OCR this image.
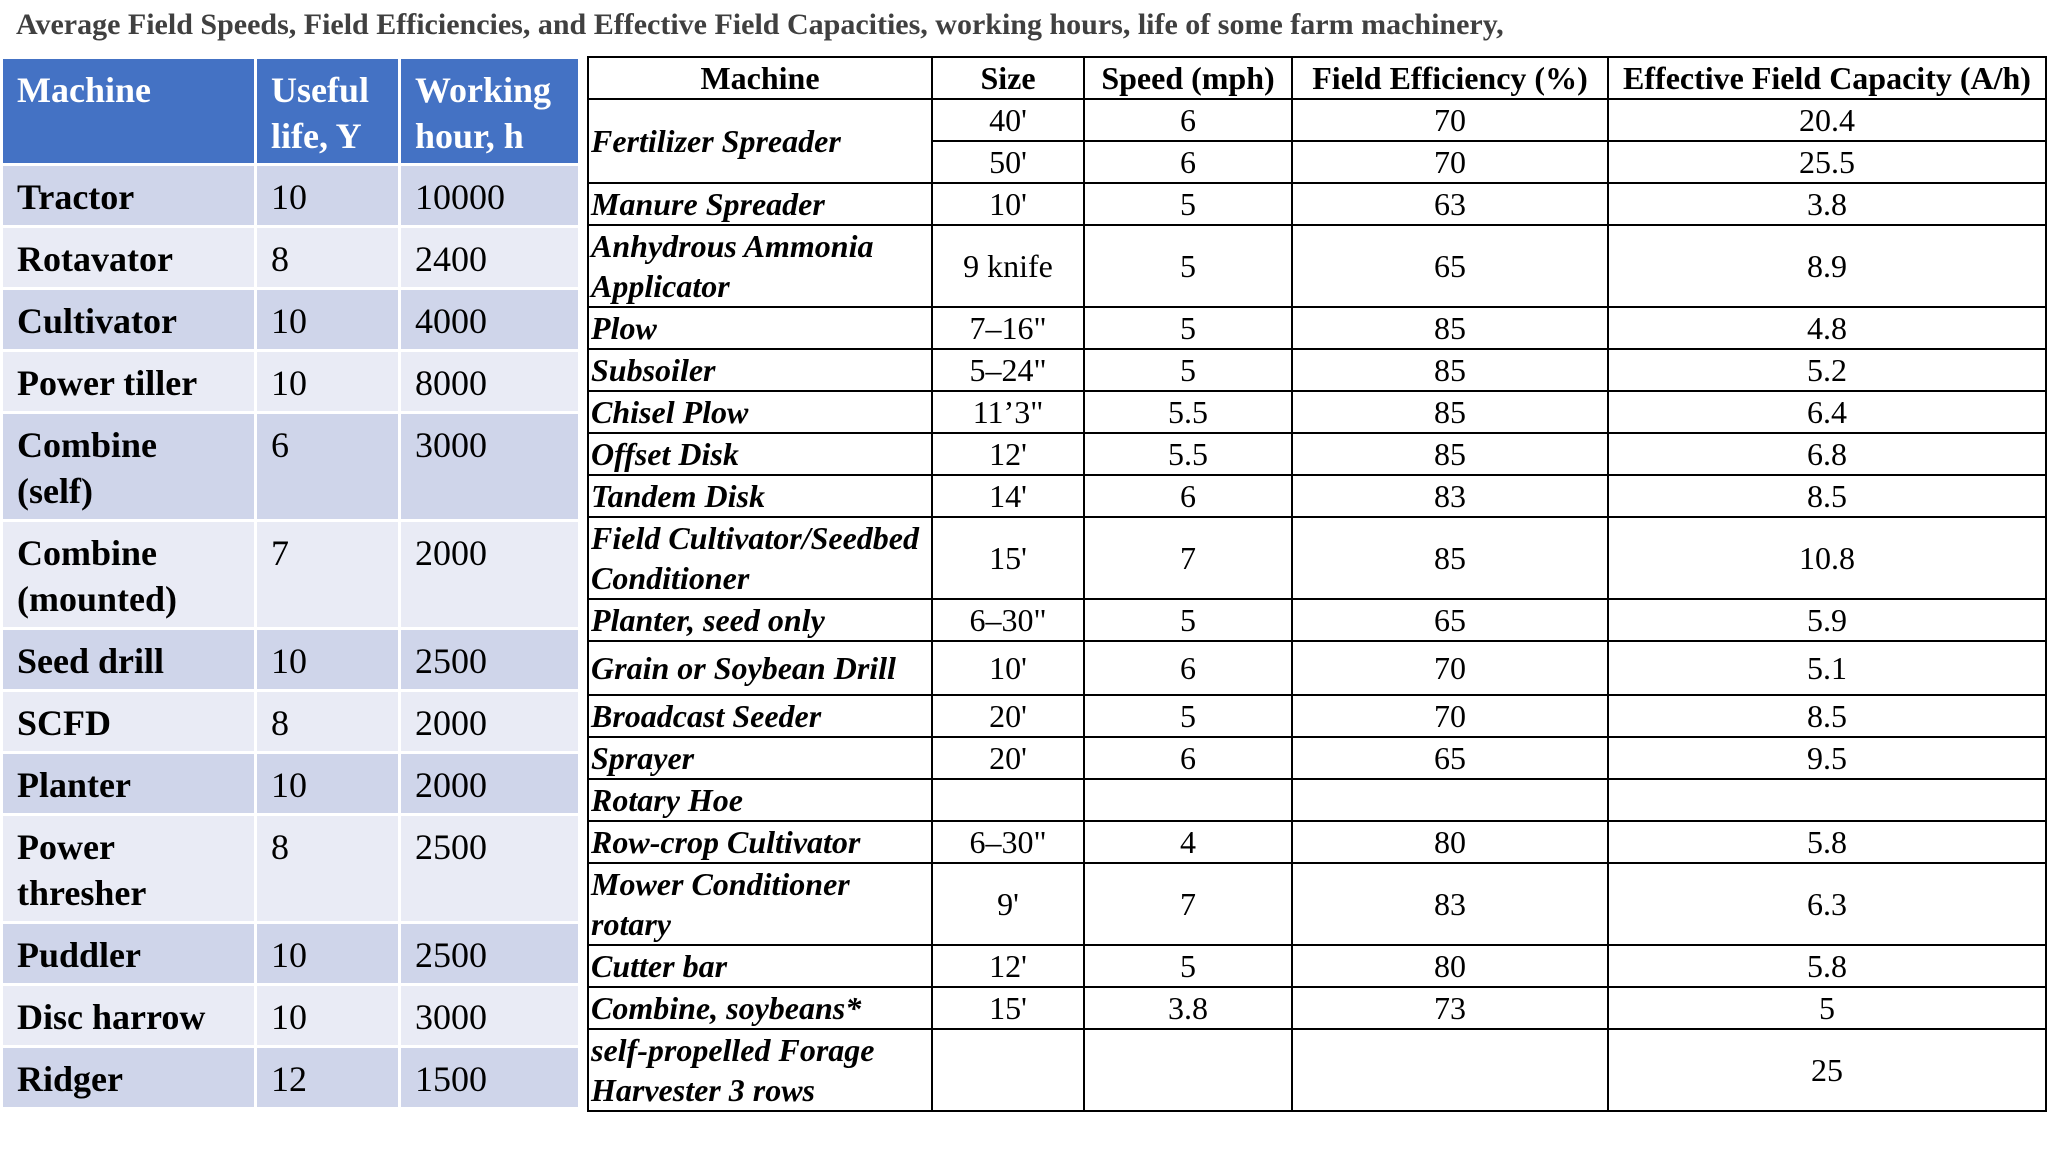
Average Field Speeds, Field Efficiencies, and Effective Field Capacities, working hours, life of some farm machinery,
Machine	Useful life, Y	Working hour, h
Tractor	10	10000
Rotavator	8	2400
Cultivator	10	4000
Power tiller	10	8000
Combine (self)	6	3000
Combine (mounted)	7	2000
Seed drill	10	2500
SCFD	8	2000
Planter	10	2000
Power thresher	8	2500
Puddler	10	2500
Disc harrow	10	3000
Ridger	12	1500
Machine	Size	Speed (mph)	Field Efficiency (%)	Effective Field Capacity (A/h)
Fertilizer Spreader	40'	6	70	20.4
	50'	6	70	25.5
Manure Spreader	10'	5	63	3.8
Anhydrous Ammonia Applicator	9 knife	5	65	8.9
Plow	7–16"	5	85	4.8
Subsoiler	5–24"	5	85	5.2
Chisel Plow	11’3"	5.5	85	6.4
Offset Disk	12'	5.5	85	6.8
Tandem Disk	14'	6	83	8.5
Field Cultivator/Seedbed Conditioner	15'	7	85	10.8
Planter, seed only	6–30"	5	65	5.9
Grain or Soybean Drill	10'	6	70	5.1
Broadcast Seeder	20'	5	70	8.5
Sprayer	20'	6	65	9.5
Rotary Hoe				
Row-crop Cultivator	6–30"	4	80	5.8
Mower Conditioner rotary	9'	7	83	6.3
Cutter bar	12'	5	80	5.8
Combine, soybeans*	15'	3.8	73	5
self-propelled Forage Harvester 3 rows				25
